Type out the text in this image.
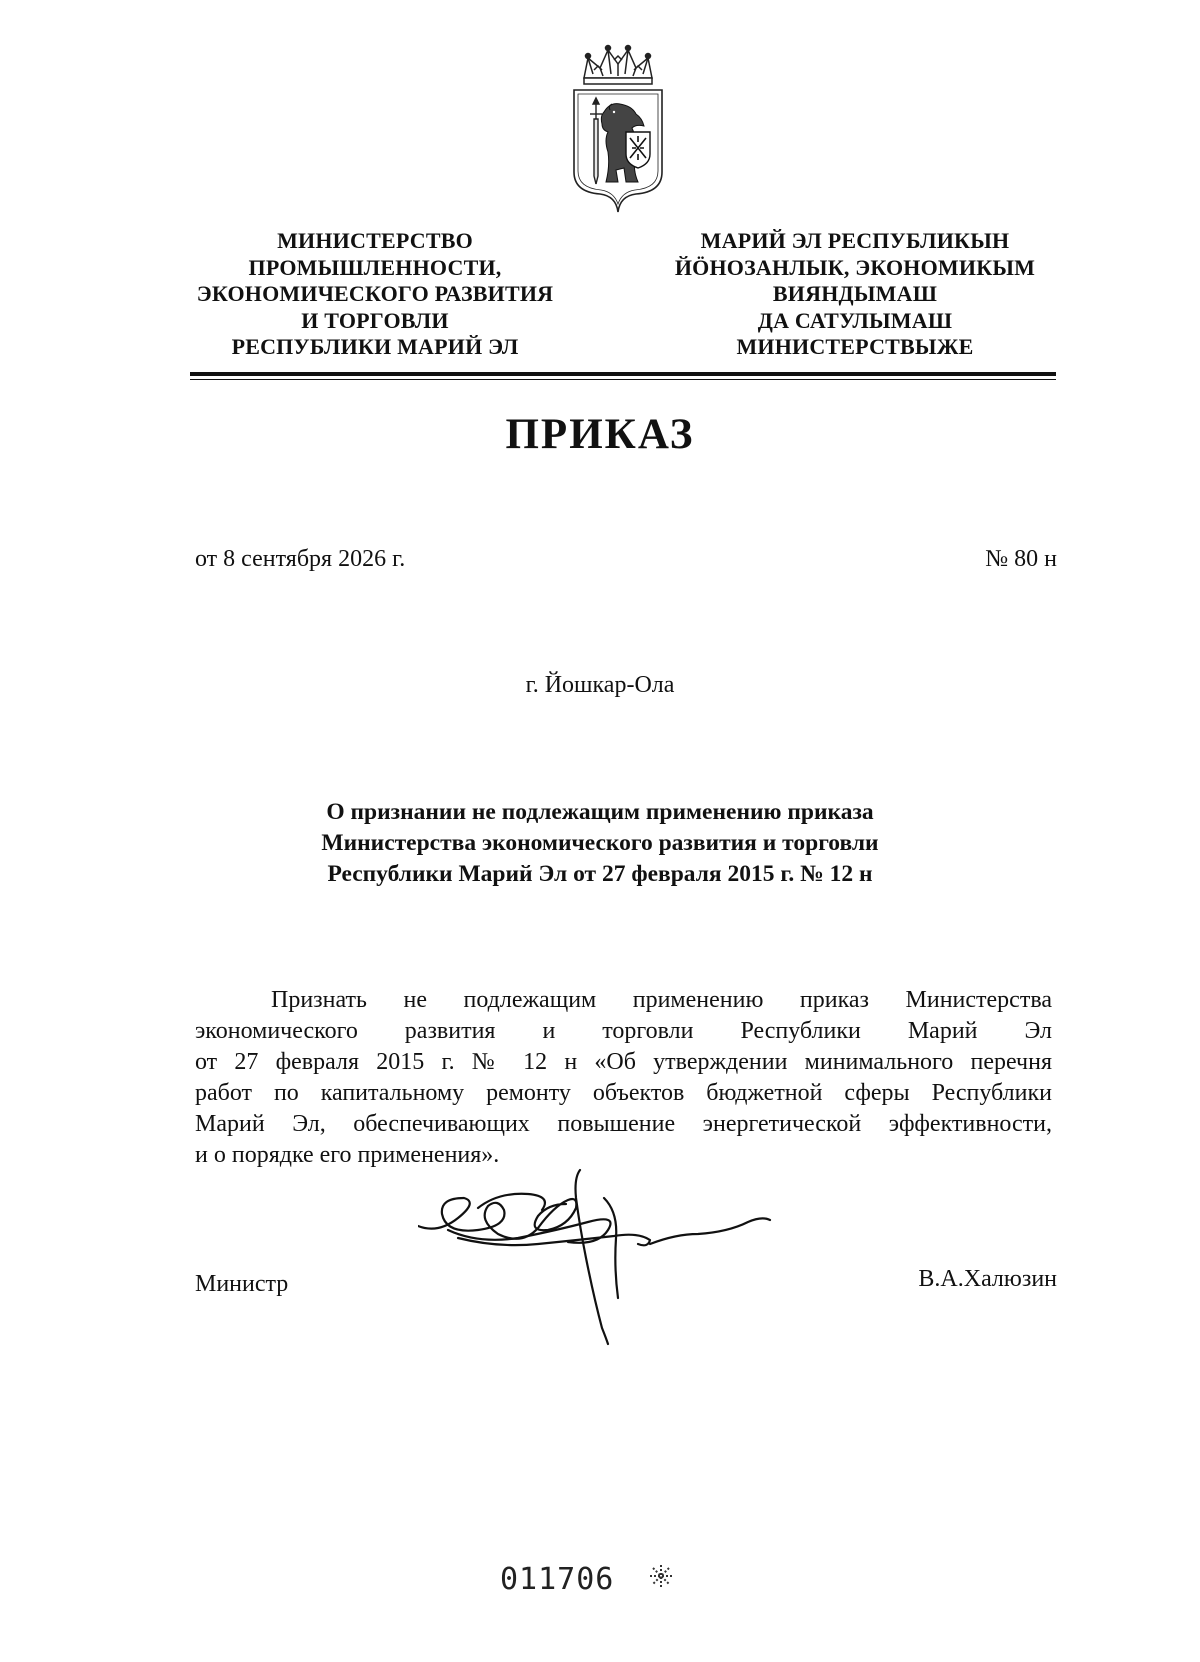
МИНИСТЕРСТВО
ПРОМЫШЛЕННОСТИ,
ЭКОНОМИЧЕСКОГО РАЗВИТИЯ
И ТОРГОВЛИ
РЕСПУБЛИКИ МАРИЙ ЭЛ
МАРИЙ ЭЛ РЕСПУБЛИКЫН
ЙӦНОЗАНЛЫК, ЭКОНОМИКЫМ
ВИЯНДЫМАШ
ДА САТУЛЫМАШ
МИНИСТЕРСТВЫЖЕ
ПРИКАЗ
от 8 сентября 2026 г.	№ 80 н
г. Йошкар-Ола
О признании не подлежащим применению приказа
Министерства экономического развития и торговли
Республики Марий Эл от 27 февраля 2015 г. № 12 н
Признать не подлежащим применению приказ Министерства
экономического развития и торговли Республики Марий Эл
от 27 февраля 2015 г. № 12 н «Об утверждении минимального перечня
работ по капитальному ремонту объектов бюджетной сферы Республики
Марий Эл, обеспечивающих повышение энергетической эффективности,
и о порядке его применения».
Министр	В.А.Халюзин
011706
